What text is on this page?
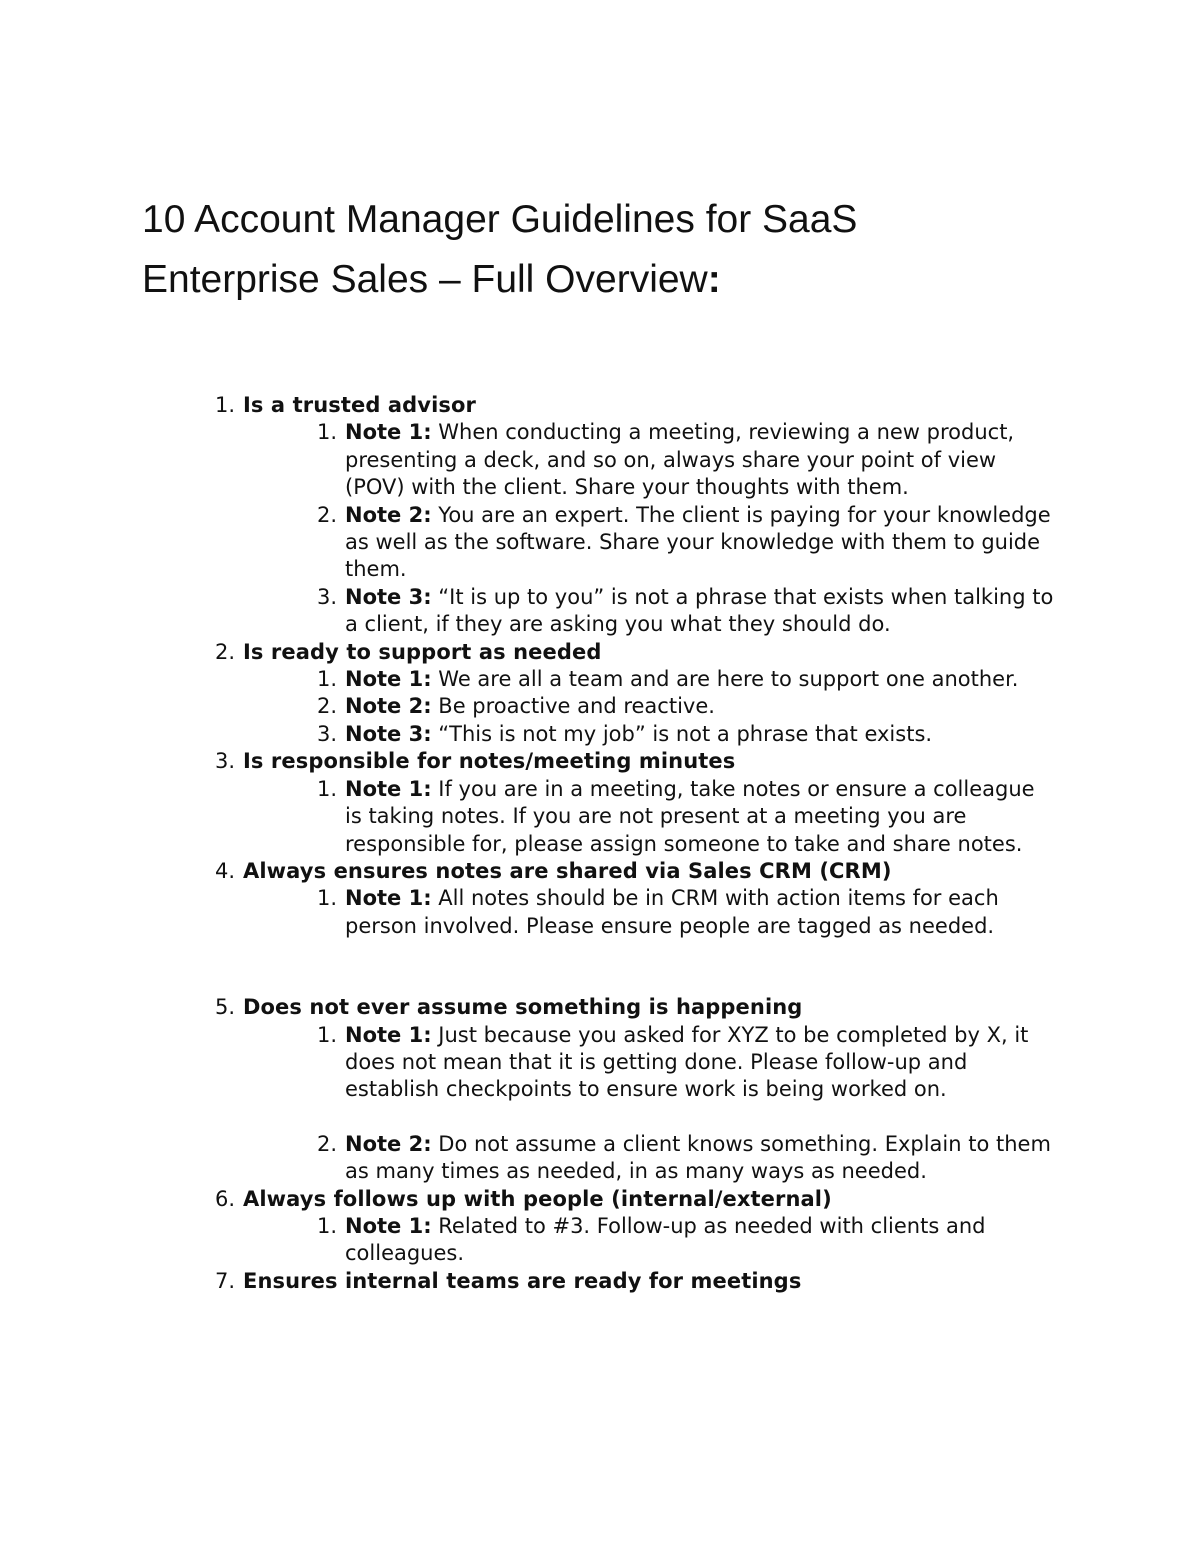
10 Account Manager Guidelines for SaaS
Enterprise Sales – Full Overview:
1. Is a trusted advisor
1. Note 1: When conducting a meeting, reviewing a new product, presenting a deck, and so on, always share your point of view (POV) with the client. Share your thoughts with them.
2. Note 2: You are an expert. The client is paying for your knowledge as well as the software. Share your knowledge with them to guide them.
3. Note 3: “It is up to you” is not a phrase that exists when talking to a client, if they are asking you what they should do.
2. Is ready to support as needed
1. Note 1: We are all a team and are here to support one another.
2. Note 2: Be proactive and reactive.
3. Note 3: “This is not my job” is not a phrase that exists.
3. Is responsible for notes/meeting minutes
1. Note 1: If you are in a meeting, take notes or ensure a colleague is taking notes. If you are not present at a meeting you are responsible for, please assign someone to take and share notes.
4. Always ensures notes are shared via Sales CRM (CRM)
1. Note 1: All notes should be in CRM with action items for each person involved. Please ensure people are tagged as needed.
5. Does not ever assume something is happening
1. Note 1: Just because you asked for XYZ to be completed by X, it does not mean that it is getting done. Please follow-up and establish checkpoints to ensure work is being worked on.
2. Note 2: Do not assume a client knows something. Explain to them as many times as needed, in as many ways as needed.
6. Always follows up with people (internal/external)
1. Note 1: Related to #3. Follow-up as needed with clients and colleagues.
7. Ensures internal teams are ready for meetings
